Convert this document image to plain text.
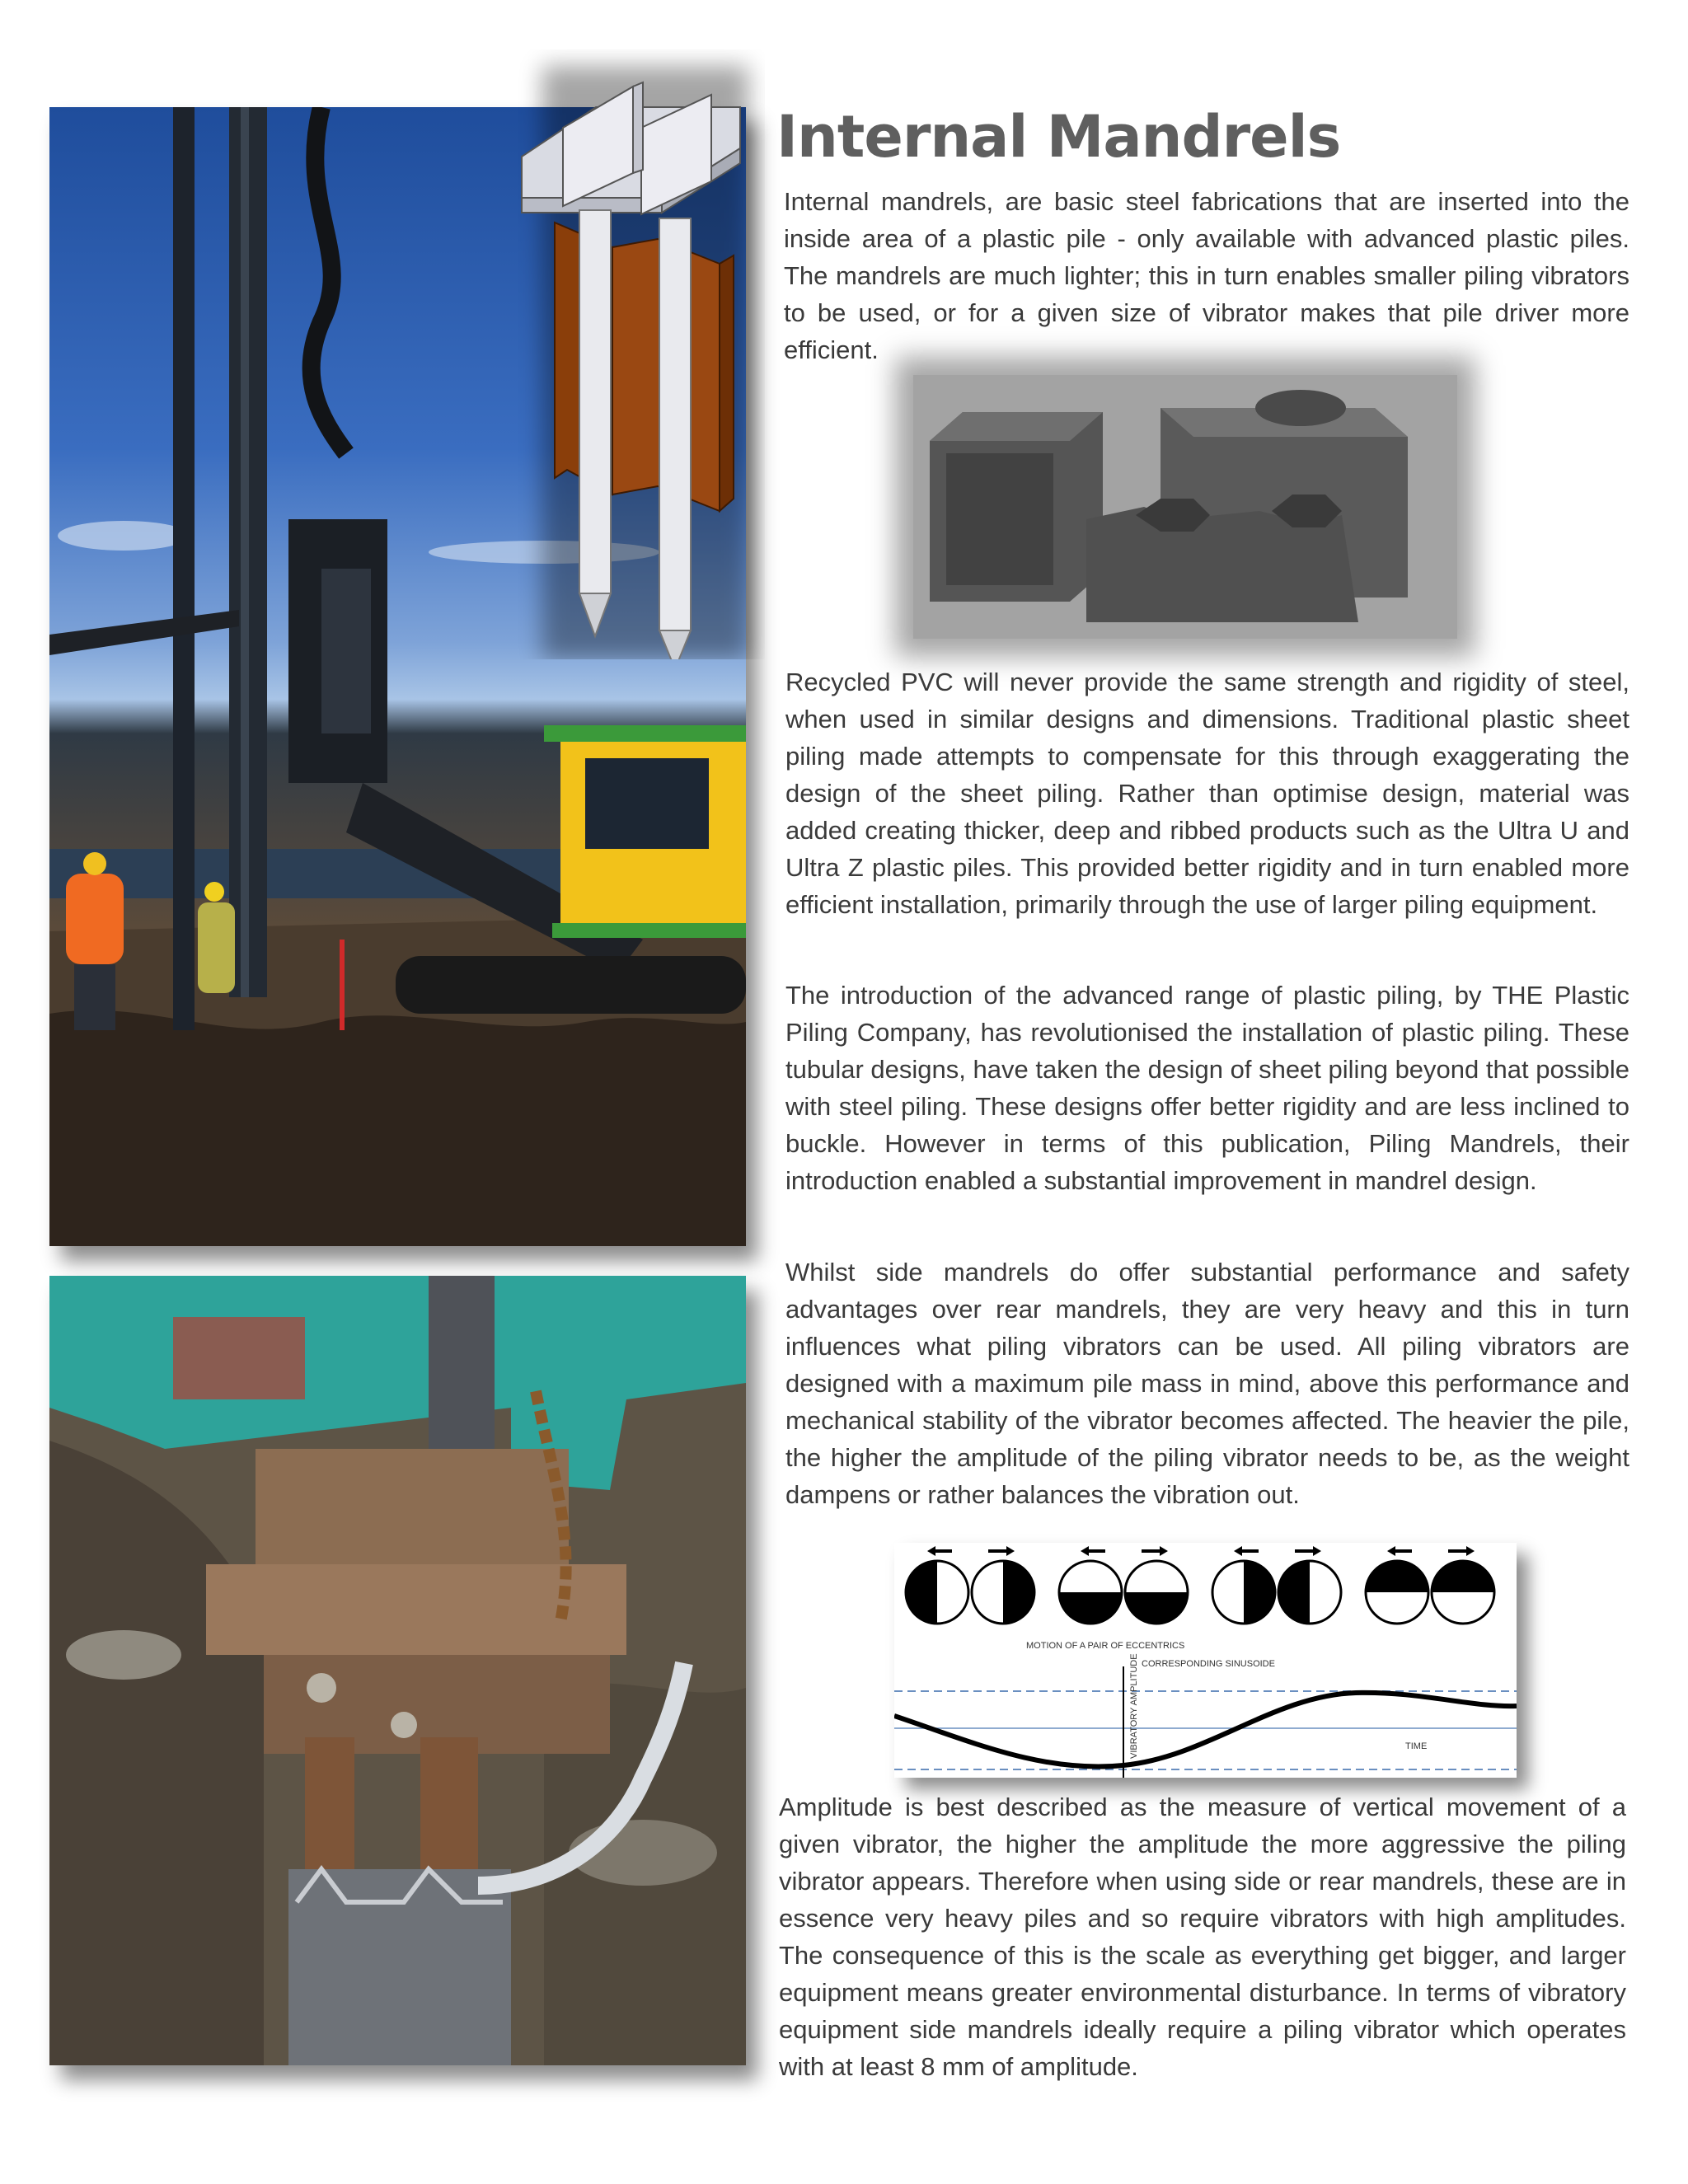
Internal Mandrels

Internal mandrels, are basic steel fabrications that are inserted into the inside area of a plastic pile - only available with advanced plastic piles. The mandrels are much lighter; this in turn enables smaller piling vibrators to be used, or for a given size of vibrator makes that pile driver more efficient.

Recycled PVC will never provide the same strength and rigidity of steel, when used in similar designs and dimensions. Traditional plastic sheet piling made attempts to compensate for this through exaggerating the design of the sheet piling. Rather than optimise design, material was added creating thicker, deep and ribbed products such as the Ultra U and Ultra Z plastic piles. This provided better rigidity and in turn enabled more efficient installation, primarily through the use of larger piling equipment.

The introduction of the advanced range of plastic piling, by THE Plastic Piling Company, has revolutionised the installation of plastic piling. These tubular designs, have taken the design of sheet piling beyond that possible with steel piling. These designs offer better rigidity and are less inclined to buckle. However in terms of this publication, Piling Mandrels, their introduction enabled a substantial improvement in mandrel design.

Whilst side mandrels do offer substantial performance and safety advantages over rear mandrels, they are very heavy and this in turn influences what piling vibrators can be used. All piling vibrators are designed with a maximum pile mass in mind, above this performance and mechanical stability of the vibrator becomes affected. The heavier the pile, the higher the amplitude of the piling vibrator needs to be, as the weight dampens or rather balances the vibration out.

MOTION OF A PAIR OF ECCENTRICS
CORRESPONDING SINUSOIDE
VIBRATORY AMPLITUDE	TIME

Amplitude is best described as the measure of vertical movement of a given vibrator, the higher the amplitude the more aggressive the piling vibrator appears. Therefore when using side or rear mandrels, these are in essence very heavy piles and so require vibrators with high amplitudes. The consequence of this is the scale as everything get bigger, and larger equipment means greater environmental disturbance. In terms of vibratory equipment side mandrels ideally require a piling vibrator which operates with at least 8 mm of amplitude.
